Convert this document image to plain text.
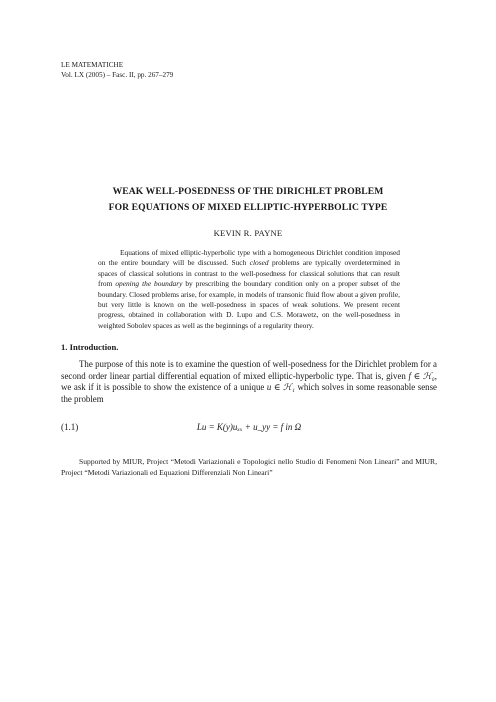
LE MATEMATICHE
Vol. LX (2005) – Fasc. II, pp. 267–279
WEAK WELL-POSEDNESS OF THE DIRICHLET PROBLEM
FOR EQUATIONS OF MIXED ELLIPTIC-HYPERBOLIC TYPE
KEVIN R. PAYNE

Equations of mixed elliptic-hyperbolic type with a homogeneous Dirichlet condition imposed on the entire boundary will be discussed. Such closed problems are typically overdetermined in spaces of classical solutions in contrast to the well-posedness for classical solutions that can result from opening the boundary by prescribing the boundary condition only on a proper subset of the boundary. Closed problems arise, for example, in models of transonic fluid flow about a given profile, but very little is known on the well-posedness in spaces of weak solutions. We present recent progress, obtained in collaboration with D. Lupo and C.S. Morawetz, on the well-posedness in weighted Sobolev spaces as well as the beginnings of a regularity theory.

1. Introduction.

The purpose of this note is to examine the question of well-posedness for the Dirichlet problem for a second order linear partial differential equation of mixed elliptic-hyperbolic type. That is, given f ∈ ℋ₀, we ask if it is possible to show the existence of a unique u ∈ ℋ₁ which solves in some reasonable sense the problem

(1.1)	Lu = K(y)uₓₓ + u_yy = f in Ω

Supported by MIUR, Project “Metodi Variazionali e Topologici nello Studio di Fenomeni Non Lineari” and MIUR, Project “Metodi Variazionali ed Equazioni Differenziali Non Lineari”
